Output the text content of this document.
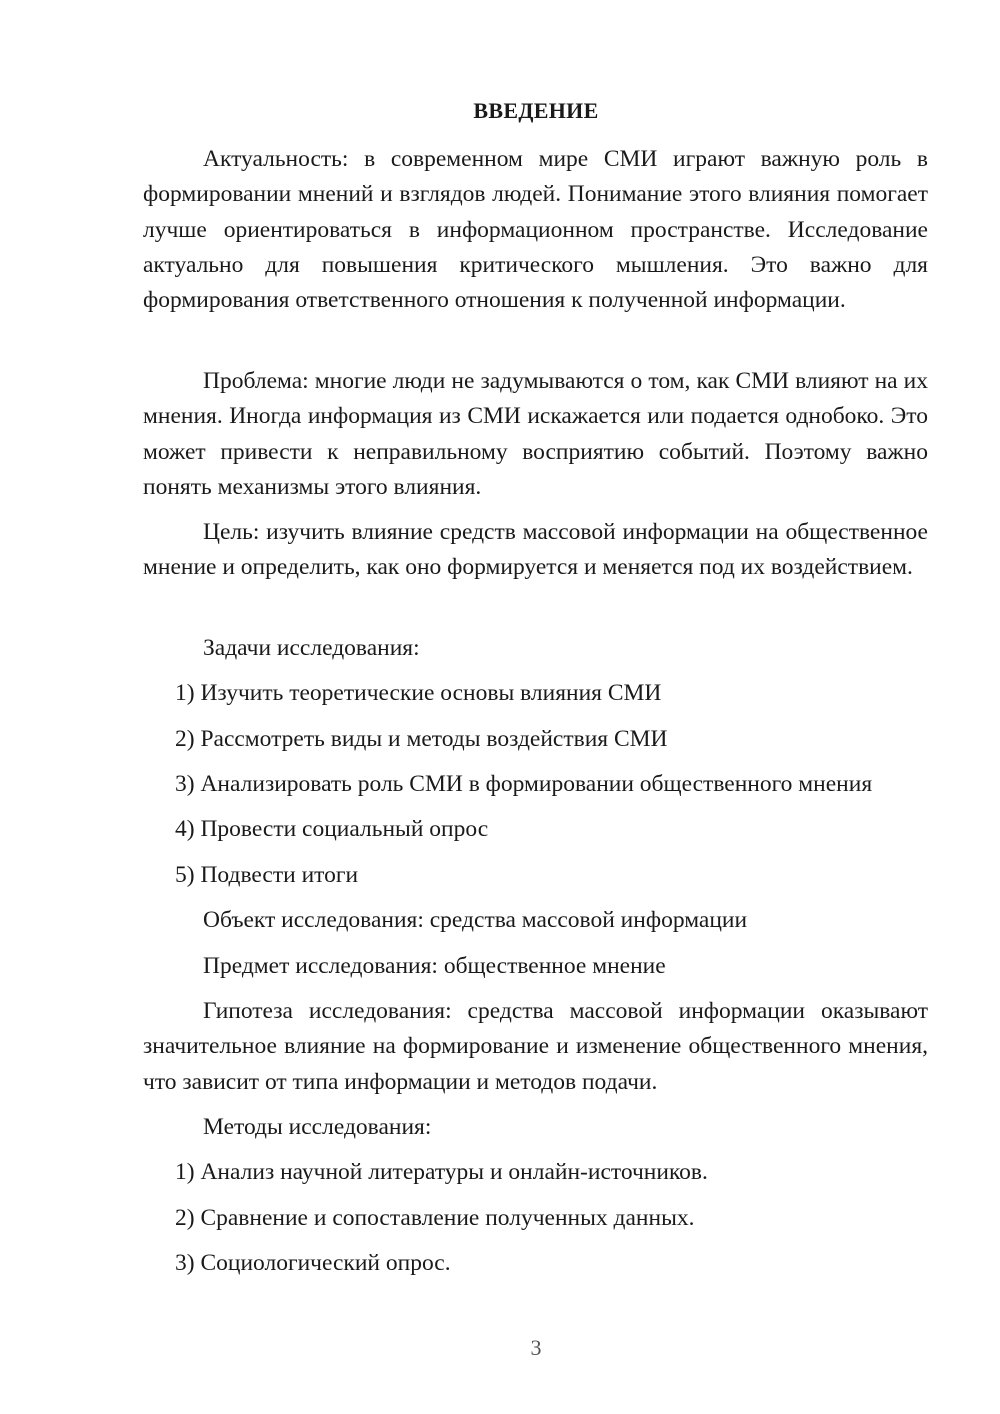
ВВЕДЕНИЕ

Актуальность: в современном мире СМИ играют важную роль в формировании мнений и взглядов людей. Понимание этого влияния помогает лучше ориентироваться в информационном пространстве. Исследование актуально для повышения критического мышления. Это важно для формирования ответственного отношения к полученной информации.

Проблема: многие люди не задумываются о том, как СМИ влияют на их мнения. Иногда информация из СМИ искажается или подается однобоко. Это может привести к неправильному восприятию событий. Поэтому важно понять механизмы этого влияния.

Цель: изучить влияние средств массовой информации на общественное мнение и определить, как оно формируется и меняется под их воздействием.

Задачи исследования:

1) Изучить теоретические основы влияния СМИ

2) Рассмотреть виды и методы воздействия СМИ

3) Анализировать роль СМИ в формировании общественного мнения

4) Провести социальный опрос

5) Подвести итоги

Объект исследования: средства массовой информации

Предмет исследования: общественное мнение

Гипотеза исследования: средства массовой информации оказывают значительное влияние на формирование и изменение общественного мнения, что зависит от типа информации и методов подачи.

Методы исследования:

1) Анализ научной литературы и онлайн-источников.

2) Сравнение и сопоставление полученных данных.

3) Социологический опрос.

3
